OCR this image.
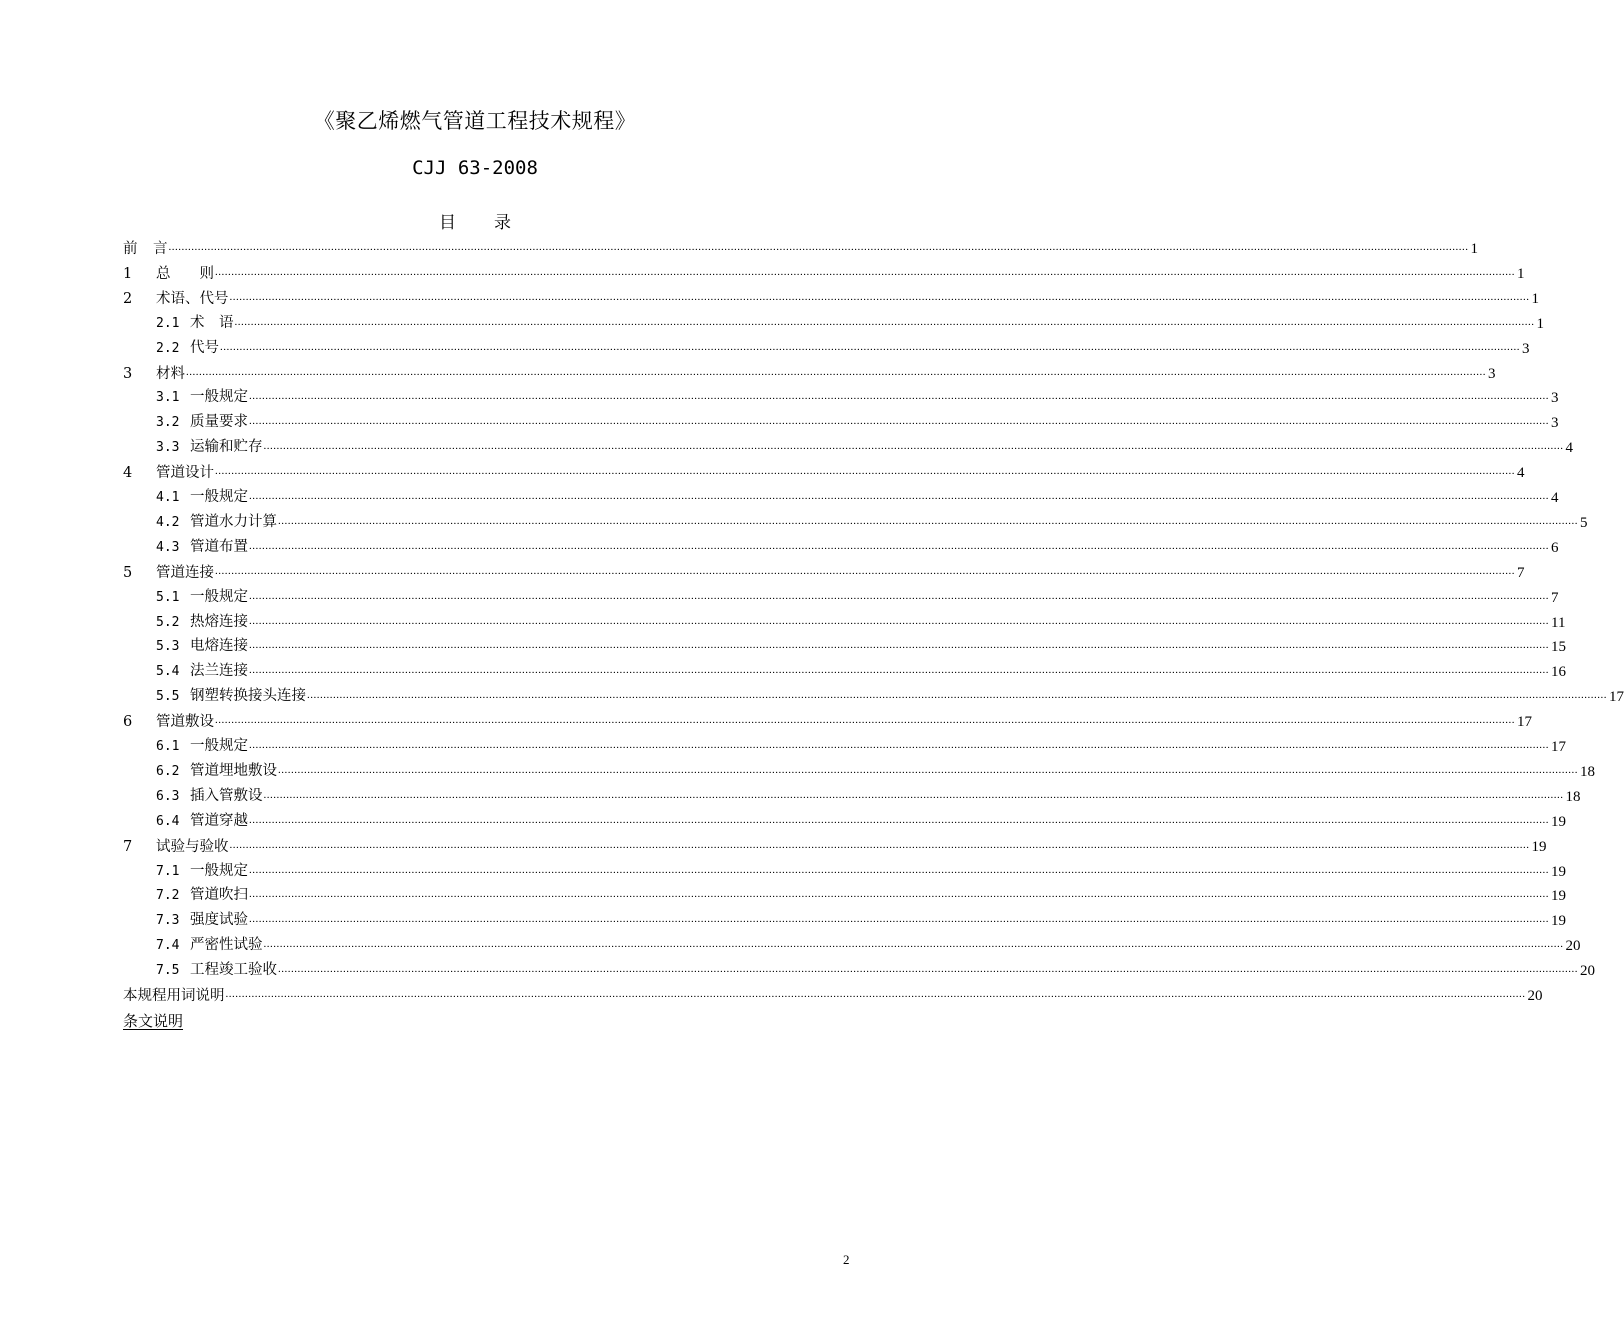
《聚乙烯燃气管道工程技术规程》
CJJ 63-2008
目 录
前 言 ................................................................................................................................................................................................................................................................................................................................................................................................................ 1
1 总　　则 ................................................................................................................................................................................................................................................................................................................................................................................................................ 1
2 术语、代号 ................................................................................................................................................................................................................................................................................................................................................................................................................ 1
2.1 术　语 ................................................................................................................................................................................................................................................................................................................................................................................................................ 1
2.2 代号 ................................................................................................................................................................................................................................................................................................................................................................................................................ 3
3 材料 ................................................................................................................................................................................................................................................................................................................................................................................................................ 3
3.1 一般规定 ................................................................................................................................................................................................................................................................................................................................................................................................................ 3
3.2 质量要求 ................................................................................................................................................................................................................................................................................................................................................................................................................ 3
3.3 运输和贮存 ................................................................................................................................................................................................................................................................................................................................................................................................................ 4
4 管道设计 ................................................................................................................................................................................................................................................................................................................................................................................................................ 4
4.1 一般规定 ................................................................................................................................................................................................................................................................................................................................................................................................................ 4
4.2 管道水力计算 ................................................................................................................................................................................................................................................................................................................................................................................................................ 5
4.3 管道布置 ................................................................................................................................................................................................................................................................................................................................................................................................................ 6
5 管道连接 ................................................................................................................................................................................................................................................................................................................................................................................................................ 7
5.1 一般规定 ................................................................................................................................................................................................................................................................................................................................................................................................................ 7
5.2 热熔连接 ................................................................................................................................................................................................................................................................................................................................................................................................................ 11
5.3 电熔连接 ................................................................................................................................................................................................................................................................................................................................................................................................................ 15
5.4 法兰连接 ................................................................................................................................................................................................................................................................................................................................................................................................................ 16
5.5 钢塑转换接头连接 ................................................................................................................................................................................................................................................................................................................................................................................................................ 17
6 管道敷设 ................................................................................................................................................................................................................................................................................................................................................................................................................ 17
6.1 一般规定 ................................................................................................................................................................................................................................................................................................................................................................................................................ 17
6.2 管道埋地敷设 ................................................................................................................................................................................................................................................................................................................................................................................................................ 18
6.3 插入管敷设 ................................................................................................................................................................................................................................................................................................................................................................................................................ 18
6.4 管道穿越 ................................................................................................................................................................................................................................................................................................................................................................................................................ 19
7 试验与验收 ................................................................................................................................................................................................................................................................................................................................................................................................................ 19
7.1 一般规定 ................................................................................................................................................................................................................................................................................................................................................................................................................ 19
7.2 管道吹扫 ................................................................................................................................................................................................................................................................................................................................................................................................................ 19
7.3 强度试验 ................................................................................................................................................................................................................................................................................................................................................................................................................ 19
7.4 严密性试验 ................................................................................................................................................................................................................................................................................................................................................................................................................ 20
7.5 工程竣工验收 ................................................................................................................................................................................................................................................................................................................................................................................................................ 20
本规程用词说明 ................................................................................................................................................................................................................................................................................................................................................................................................................ 20
条文说明
2
